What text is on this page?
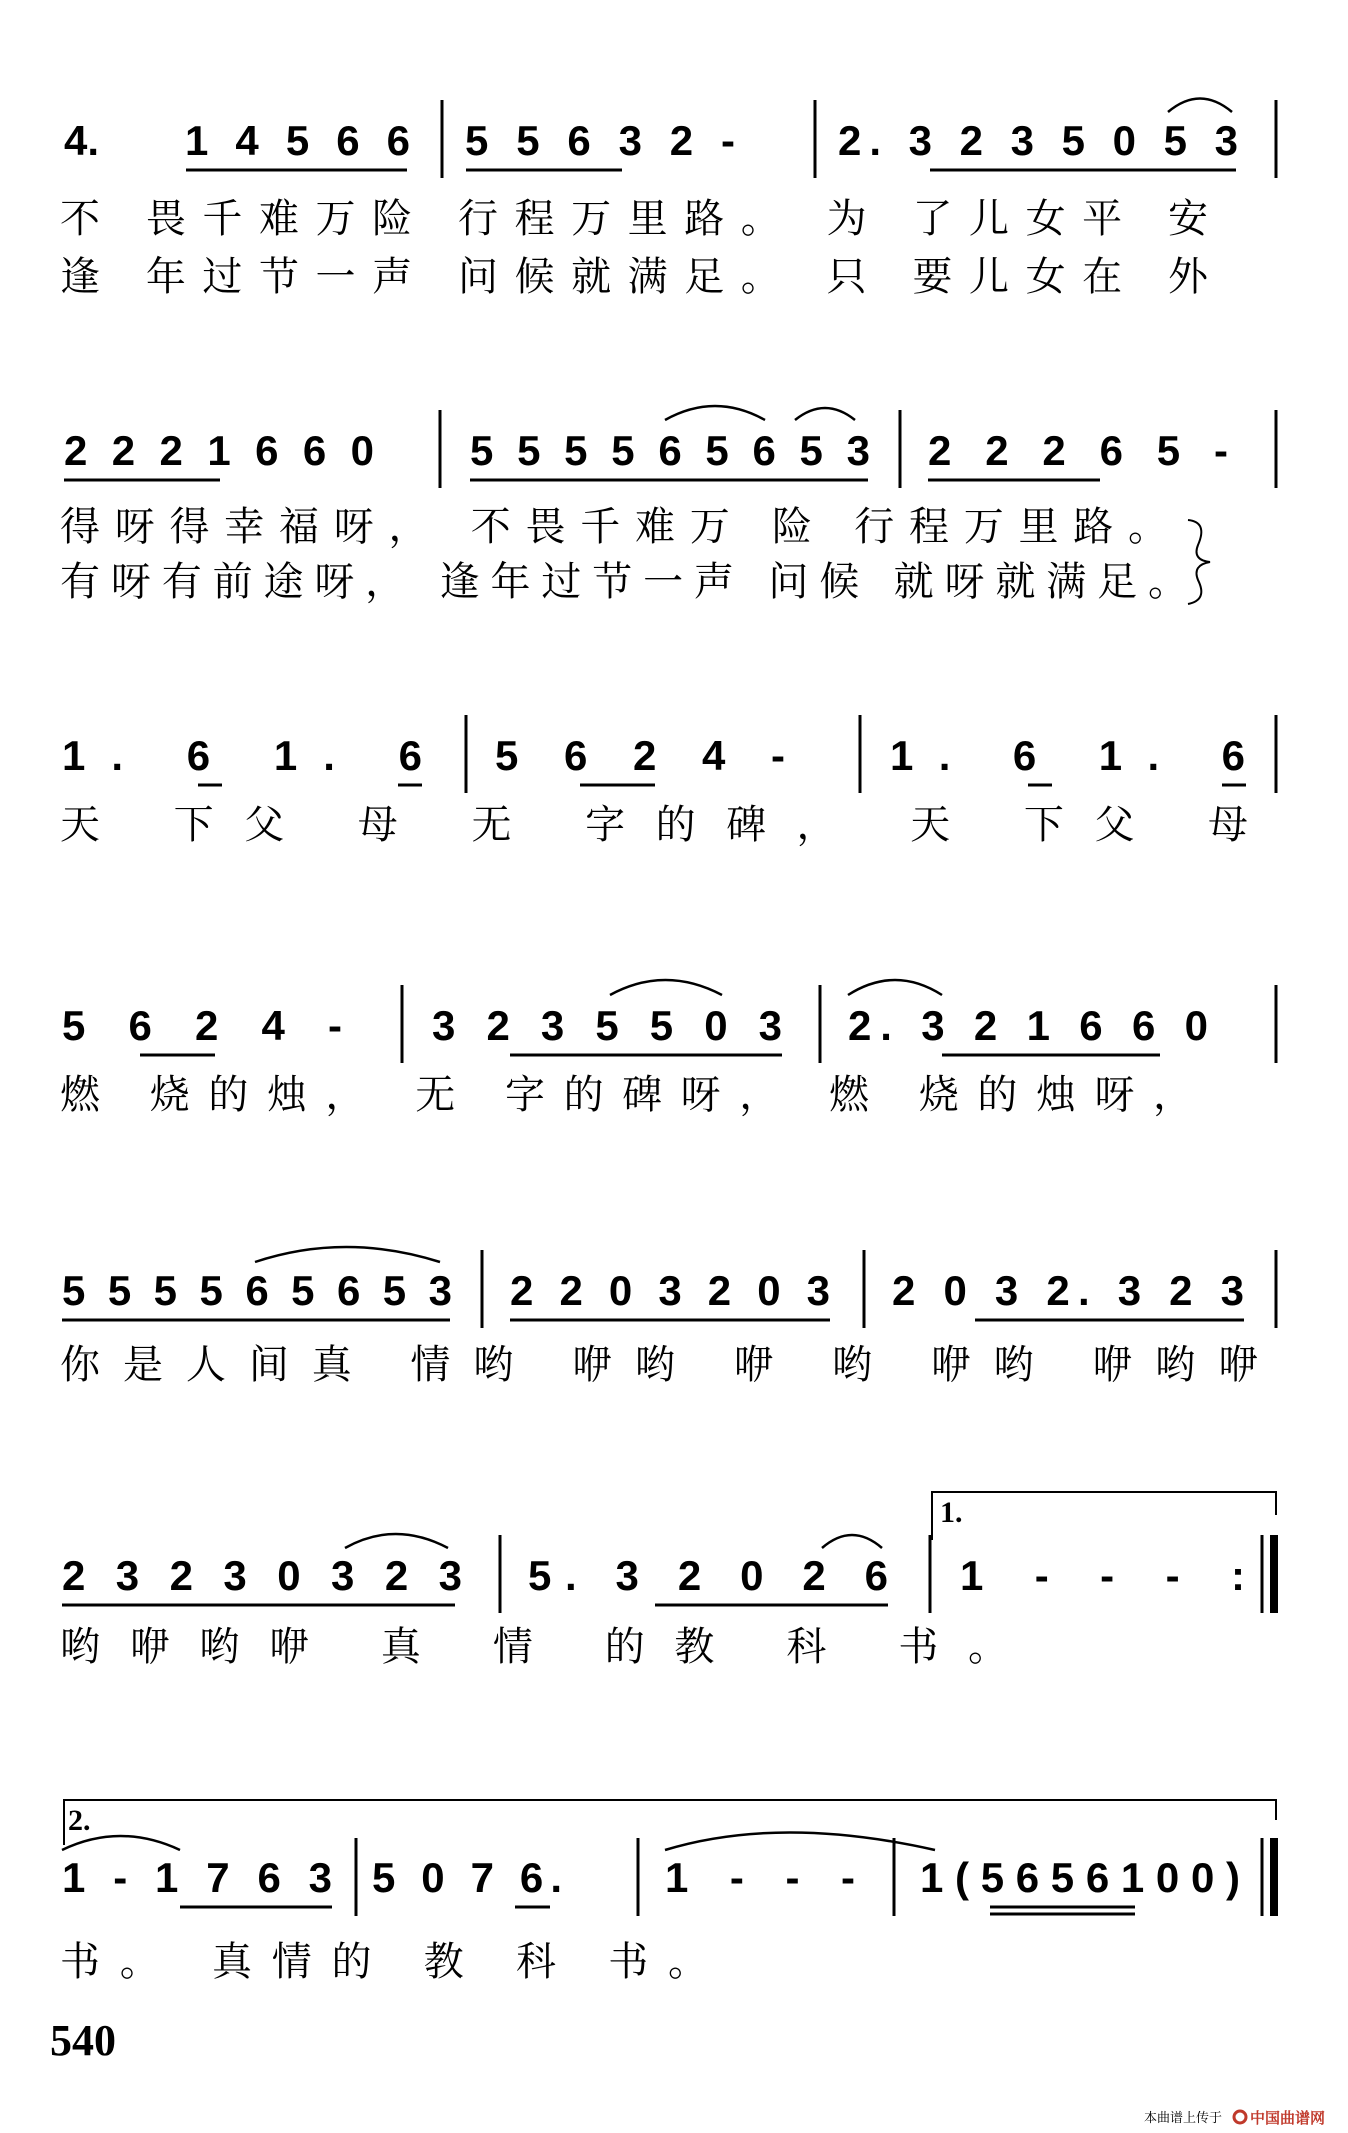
4. 1 4 5 6 6 5 5 6 3 2 - 2. 3 2 3 5 0 5 3
不 畏千难万险 行程万里路。 为 了儿女平 安
逢 年过节一声 问候就满足。 只 要儿女在 外
2 2 2 1 6 6 0 5 5 5 5 6 5 6 5 3 2 2 2 6 5 -
得呀得幸福呀， 不畏千难万 险 行程万里路。
有呀有前途呀， 逢年过节一声 问候 就呀就满足。
1. 6 1. 6 5 6 2 4 -	1. 6 1. 6
天 下父 母 无 字的碑， 天 下父 母
5 6 2 4 - 3 2 3 5 5 0 3 2. 3 2 1 6 6 0
燃 烧的烛， 无 字的碑呀， 燃 烧的烛呀，
5 5 5 5 6 5 6 5 3 2 2 0 3 2 0 3 2 0 3 2. 3 2 3
你是人间真 情哟 咿哟 咿 哟 咿哟 咿哟咿
2 3 2 3 0 3 2 3 5. 3 2 0 2 6
1.
1 - - - :
哟咿哟咿 真 情 的教 科 书。
2.
1 - 1 7 6 3 5 0 7 6. 1 - - - 1 ( 5 6 5 6 1 0 0 )
书。 真情的 教 科 书。
540
本曲谱上传于 中国曲谱网
